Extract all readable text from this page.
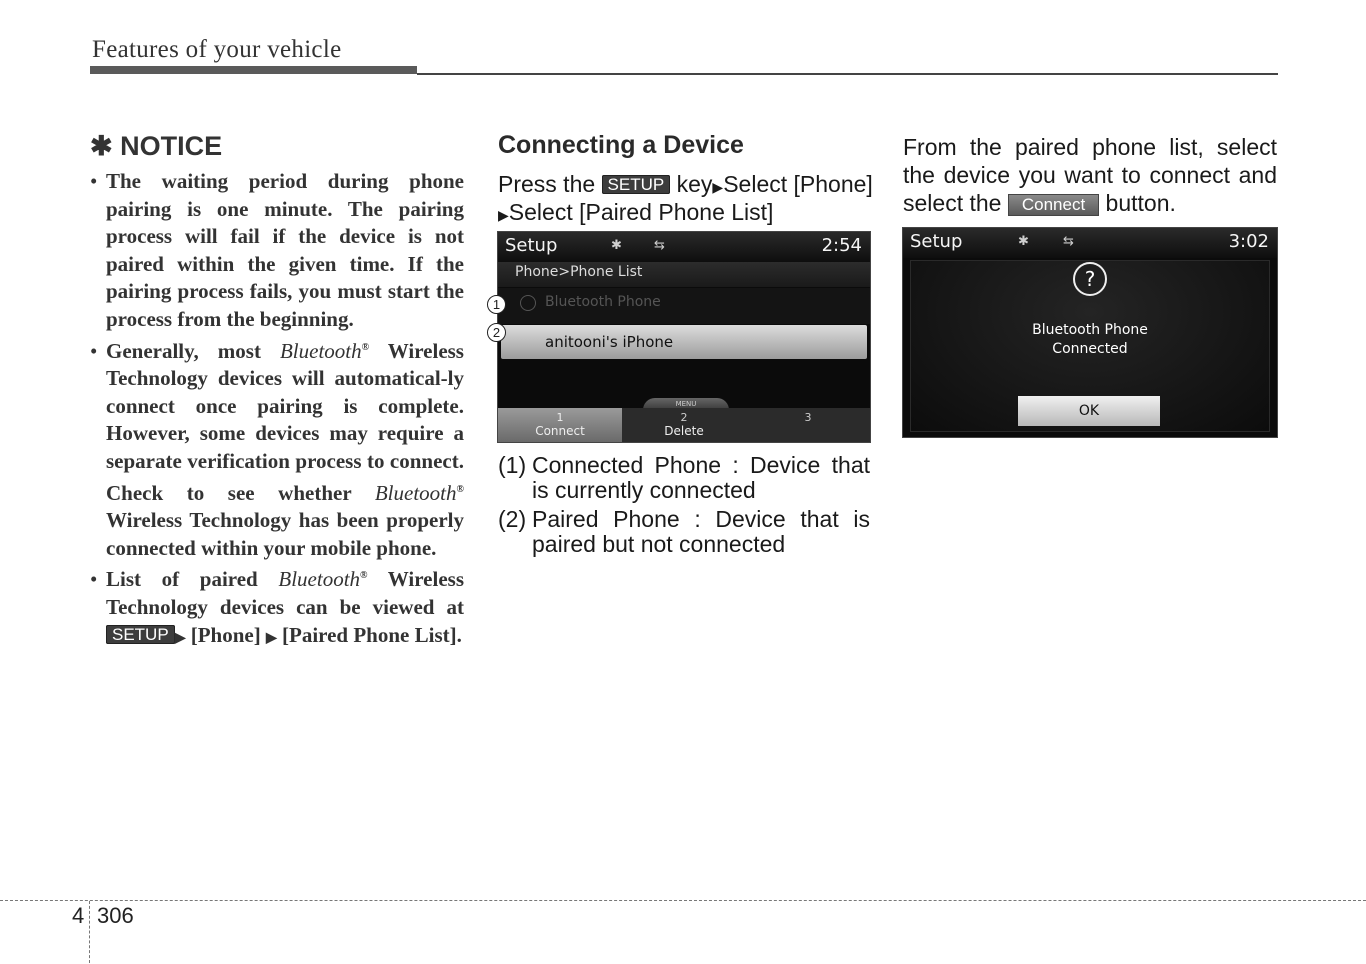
Features of your vehicle
✱ NOTICE
• The waiting period during phone pairing is one minute. The pairing process will fail if the device is not paired within the given time. If the pairing process fails, you must start the process from the beginning.
• Generally, most Bluetooth® Wireless Technology devices will automatical-ly connect once pairing is complete. However, some devices may require a separate verification process to connect. Check to see whether Bluetooth® Wireless Technology has been properly connected within your mobile phone.
• List of paired Bluetooth® Wireless Technology devices can be viewed at SETUP ▶ [Phone] ▶ [Paired Phone List].
Connecting a Device

Press the SETUP key▶Select [Phone]
▶Select [Paired Phone List]

Setup	✱ ⇆	2:54
Phone>Phone List
Bluetooth Phone
anitooni's iPhone
MENU
1
Connect
2
Delete
3
1
2
(1) Connected Phone : Device that is currently connected
(2) Paired Phone : Device that is paired but not connected

From the paired phone list, select the device you want to connect and select the Connect button.

Setup	✱	⇆	3:02
?
Bluetooth Phone
Connected
OK
4 306
